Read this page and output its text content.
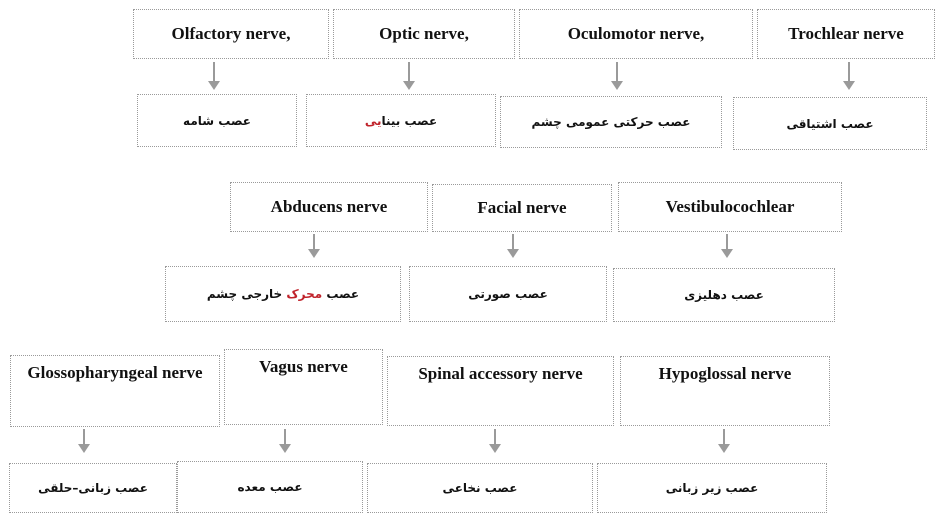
Olfactory nerve,	Optic nerve,	Oculomotor nerve,	Trochlear nerve
عصب شامه	عصب بینایی	عصب حرکتی عمومی چشم	عصب اشتیاقی
Abducens nerve	Facial nerve	Vestibulocochlear
عصب محرک خارجی چشم	عصب صورتی	عصب دهلیزی
Glossopharyngeal nerve	Vagus nerve	Spinal accessory nerve	Hypoglossal nerve
عصب زبانی–حلقی	عصب معده	عصب نخاعی	عصب زیر زبانی
